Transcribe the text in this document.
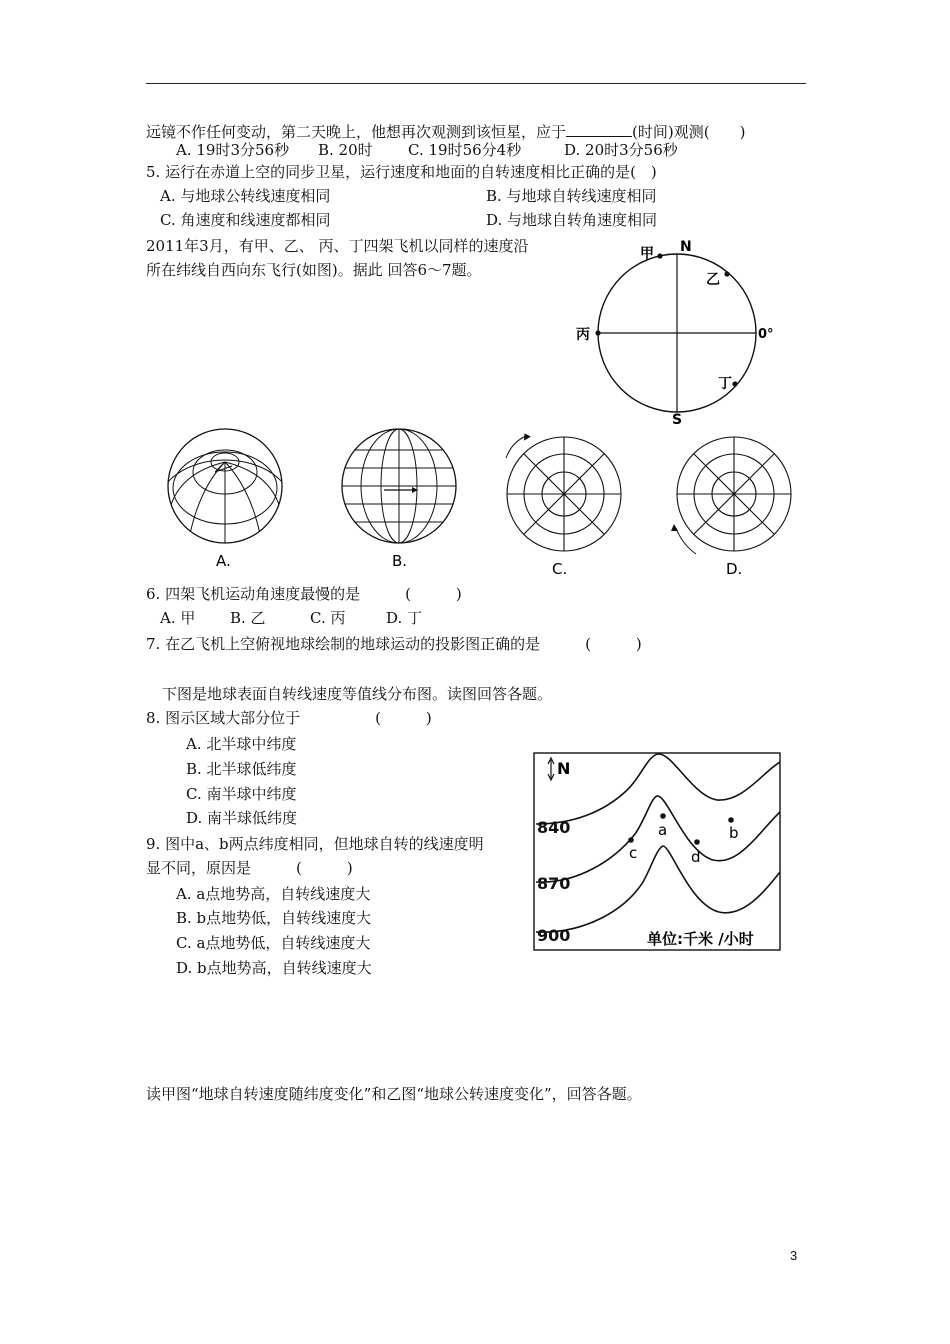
远镜不作任何变动，第二天晚上，他想再次观测到该恒星，应于	(时间)观测(　　)
A. 19时3分56秒 B. 20时 C. 19时56分4秒	D. 20时3分56秒
5. 运行在赤道上空的同步卫星，运行速度和地面的自转速度相比正确的是(　)
A. 与地球公转线速度相同	B. 与地球自转线速度相同
C. 角速度和线速度都相同	D. 与地球自转角速度相同
2011年3月，有甲、乙、 丙、丁四架飞机以同样的速度沿
所在纬线自西向东飞行(如图)。据此 回答6～7题。
N
S
0°
甲
乙
丙
丁
A.	B.	C.	D.
6. 四架飞机运动角速度最慢的是　　　(　　　)
A. 甲 B. 乙	C. 丙	D. 丁
7. 在乙飞机上空俯视地球绘制的地球运动的投影图正确的是　　　(　　　)
下图是地球表面自转线速度等值线分布图。读图回答各题。
8. 图示区域大部分位于　　　　　(　　　)
A. 北半球中纬度
B. 北半球低纬度
C. 南半球中纬度
D. 南半球低纬度
9. 图中a、b两点纬度相同，但地球自转的线速度明
显不同，原因是　　　(　　　)
A. a点地势高，自转线速度大
B. b点地势低，自转线速度大
C. a点地势低，自转线速度大
D. b点地势高，自转线速度大
N
840
870
900
a	b
c	d
单位:千米 /小时
读甲图“地球自转速度随纬度变化”和乙图“地球公转速度变化”，回答各题。
3
